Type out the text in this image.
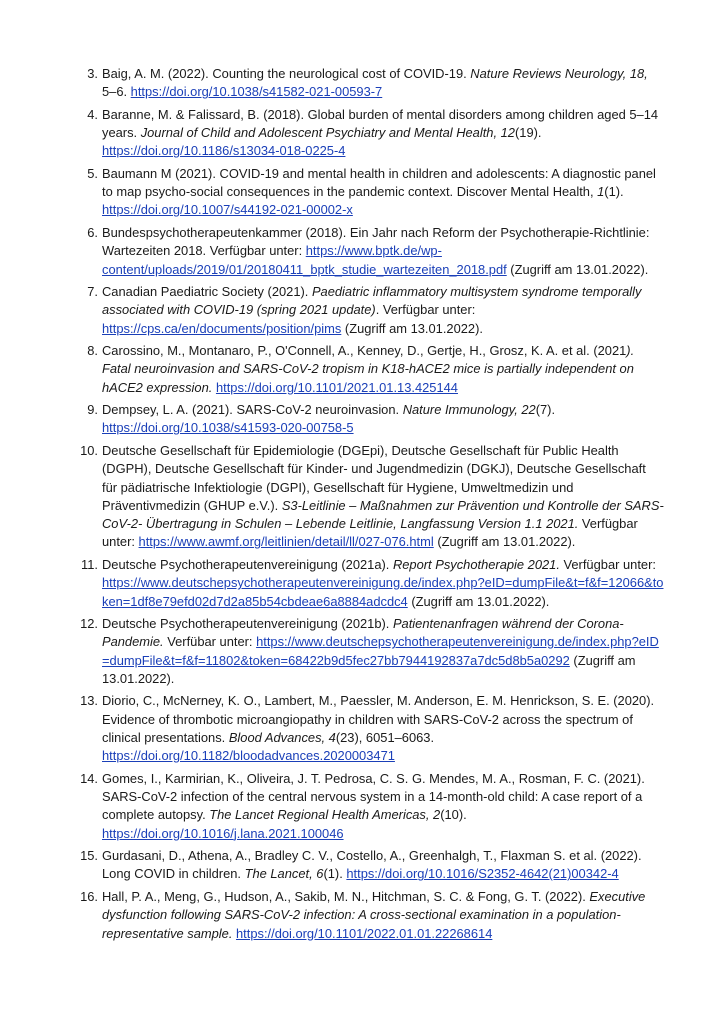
3. Baig, A. M. (2022). Counting the neurological cost of COVID-19. Nature Reviews Neurology, 18, 5–6. https://doi.org/10.1038/s41582-021-00593-7
4. Baranne, M. & Falissard, B. (2018). Global burden of mental disorders among children aged 5–14 years. Journal of Child and Adolescent Psychiatry and Mental Health, 12(19). https://doi.org/10.1186/s13034-018-0225-4
5. Baumann M (2021). COVID-19 and mental health in children and adolescents: A diagnostic panel to map psycho-social consequences in the pandemic context. Discover Mental Health, 1(1). https://doi.org/10.1007/s44192-021-00002-x
6. Bundespsychotherapeutenkammer (2018). Ein Jahr nach Reform der Psychotherapie-Richtlinie: Wartezeiten 2018. Verfügbar unter: https://www.bptk.de/wp-content/uploads/2019/01/20180411_bptk_studie_wartezeiten_2018.pdf (Zugriff am 13.01.2022).
7. Canadian Paediatric Society (2021). Paediatric inflammatory multisystem syndrome temporally associated with COVID-19 (spring 2021 update). Verfügbar unter: https://cps.ca/en/documents/position/pims (Zugriff am 13.01.2022).
8. Carossino, M., Montanaro, P., O'Connell, A., Kenney, D., Gertje, H., Grosz, K. A. et al. (2021). Fatal neuroinvasion and SARS-CoV-2 tropism in K18-hACE2 mice is partially independent on hACE2 expression. https://doi.org/10.1101/2021.01.13.425144
9. Dempsey, L. A. (2021). SARS-CoV-2 neuroinvasion. Nature Immunology, 22(7). https://doi.org/10.1038/s41593-020-00758-5
10. Deutsche Gesellschaft für Epidemiologie (DGEpi), Deutsche Gesellschaft für Public Health (DGPH), Deutsche Gesellschaft für Kinder- und Jugendmedizin (DGKJ), Deutsche Gesellschaft für pädiatrische Infektiologie (DGPI), Gesellschaft für Hygiene, Umweltmedizin und Präventivmedizin (GHUP e.V.). S3-Leitlinie – Maßnahmen zur Prävention und Kontrolle der SARS-CoV-2- Übertragung in Schulen – Lebende Leitlinie, Langfassung Version 1.1 2021. Verfügbar unter: https://www.awmf.org/leitlinien/detail/ll/027-076.html (Zugriff am 13.01.2022).
11. Deutsche Psychotherapeutenvereinigung (2021a). Report Psychotherapie 2021. Verfügbar unter: https://www.deutschepsychotherapeutenvereinigung.de/index.php?eID=dumpFile&t=f&f=12066&token=1df8e79efd02d7d2a85b54cbdeae6a8884adcdc4 (Zugriff am 13.01.2022).
12. Deutsche Psychotherapeutenvereinigung (2021b). Patientenanfragen während der Corona-Pandemie. Verfübar unter: https://www.deutschepsychotherapeutenvereinigung.de/index.php?eID=dumpFile&t=f&f=11802&token=68422b9d5fec27bb7944192837a7dc5d8b5a0292 (Zugriff am 13.01.2022).
13. Diorio, C., McNerney, K. O., Lambert, M., Paessler, M. Anderson, E. M. Henrickson, S. E. (2020). Evidence of thrombotic microangiopathy in children with SARS-CoV-2 across the spectrum of clinical presentations. Blood Advances, 4(23), 6051–6063. https://doi.org/10.1182/bloodadvances.2020003471
14. Gomes, I., Karmirian, K., Oliveira, J. T. Pedrosa, C. S. G. Mendes, M. A., Rosman, F. C. (2021). SARS-CoV-2 infection of the central nervous system in a 14-month-old child: A case report of a complete autopsy. The Lancet Regional Health Americas, 2(10). https://doi.org/10.1016/j.lana.2021.100046
15. Gurdasani, D., Athena, A., Bradley C. V., Costello, A., Greenhalgh, T., Flaxman S. et al. (2022). Long COVID in children. The Lancet, 6(1). https://doi.org/10.1016/S2352-4642(21)00342-4
16. Hall, P. A., Meng, G., Hudson, A., Sakib, M. N., Hitchman, S. C. & Fong, G. T. (2022). Executive dysfunction following SARS-CoV-2 infection: A cross-sectional examination in a population-representative sample. https://doi.org/10.1101/2022.01.01.22268614
